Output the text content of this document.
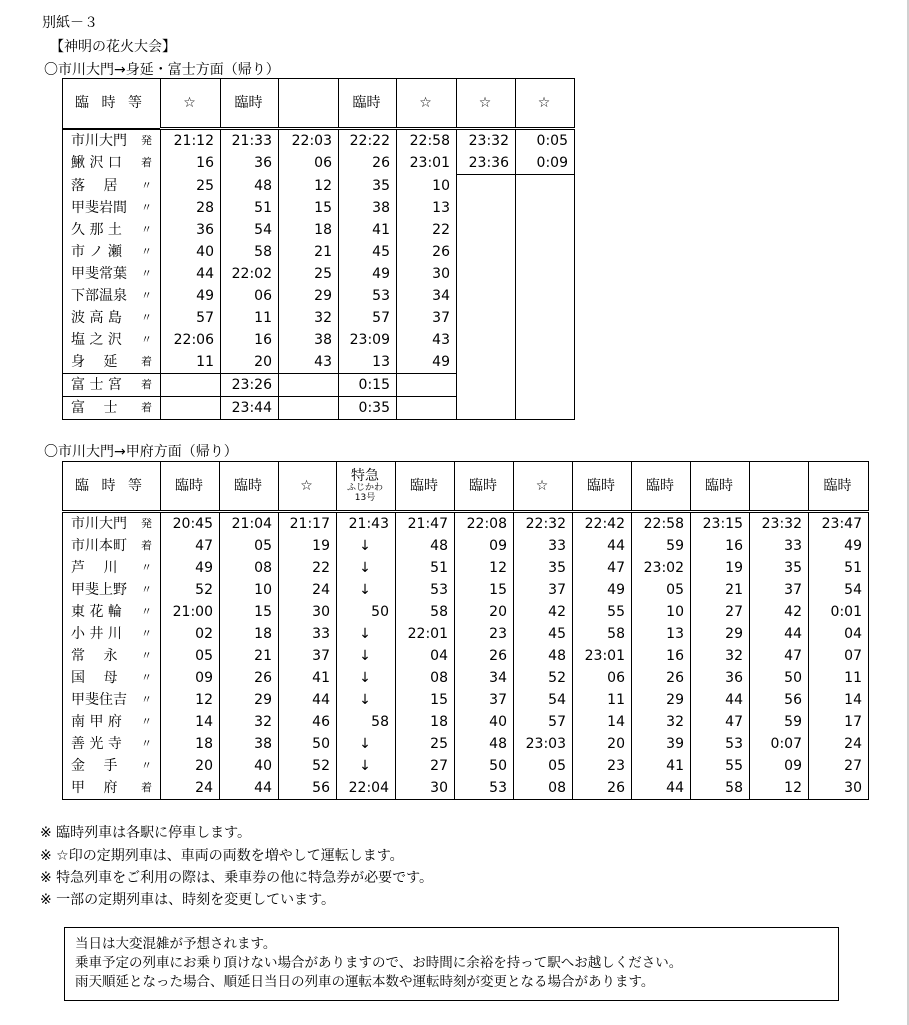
別紙－３
【神明の花火大会】
〇市川大門→身延・富士方面（帰り）
臨 時 等	☆	臨時		臨時	☆	☆	☆
市川大門 発	21:12	21:33	22:03	22:22	22:58	23:32	0:05
鰍 沢 口 着	16	36	06	26	23:01	23:36	0:09
落　 居 〃	25	48	12	35	10		
甲斐岩間 〃	28	51	15	38	13		
久 那 土 〃	36	54	18	41	22		
市 ノ 瀬 〃	40	58	21	45	26		
甲斐常葉 〃	44	22:02	25	49	30		
下部温泉 〃	49	06	29	53	34		
波 高 島 〃	57	11	32	57	37		
塩 之 沢 〃	22:06	16	38	23:09	43		
身　 延 着	11	20	43	13	49		
富 士 宮 着		23:26		0:15			
富　 士 着		23:44		0:35			
〇市川大門→甲府方面（帰り）
臨 時 等	臨時	臨時	☆	特急
ふじかわ
13号	臨時	臨時	☆	臨時	臨時	臨時		臨時
市川大門 発	20:45	21:04	21:17	21:43	21:47	22:08	22:32	22:42	22:58	23:15	23:32	23:47
市川本町 着	47	05	19	↓	48	09	33	44	59	16	33	49
芦　 川 〃	49	08	22	↓	51	12	35	47	23:02	19	35	51
甲斐上野 〃	52	10	24	↓	53	15	37	49	05	21	37	54
東 花 輪 〃	21:00	15	30	50	58	20	42	55	10	27	42	0:01
小 井 川 〃	02	18	33	↓	22:01	23	45	58	13	29	44	04
常　 永 〃	05	21	37	↓	04	26	48	23:01	16	32	47	07
国　 母 〃	09	26	41	↓	08	34	52	06	26	36	50	11
甲斐住吉 〃	12	29	44	↓	15	37	54	11	29	44	56	14
南 甲 府 〃	14	32	46	58	18	40	57	14	32	47	59	17
善 光 寺 〃	18	38	50	↓	25	48	23:03	20	39	53	0:07	24
金　 手 〃	20	40	52	↓	27	50	05	23	41	55	09	27
甲　 府 着	24	44	56	22:04	30	53	08	26	44	58	12	30
※ 臨時列車は各駅に停車します。
※ ☆印の定期列車は、車両の両数を増やして運転します。
※ 特急列車をご利用の際は、乗車券の他に特急券が必要です。
※ 一部の定期列車は、時刻を変更しています。
当日は大変混雑が予想されます。
乗車予定の列車にお乗り頂けない場合がありますので、お時間に余裕を持って駅へお越しください。
雨天順延となった場合、順延日当日の列車の運転本数や運転時刻が変更となる場合があります。
